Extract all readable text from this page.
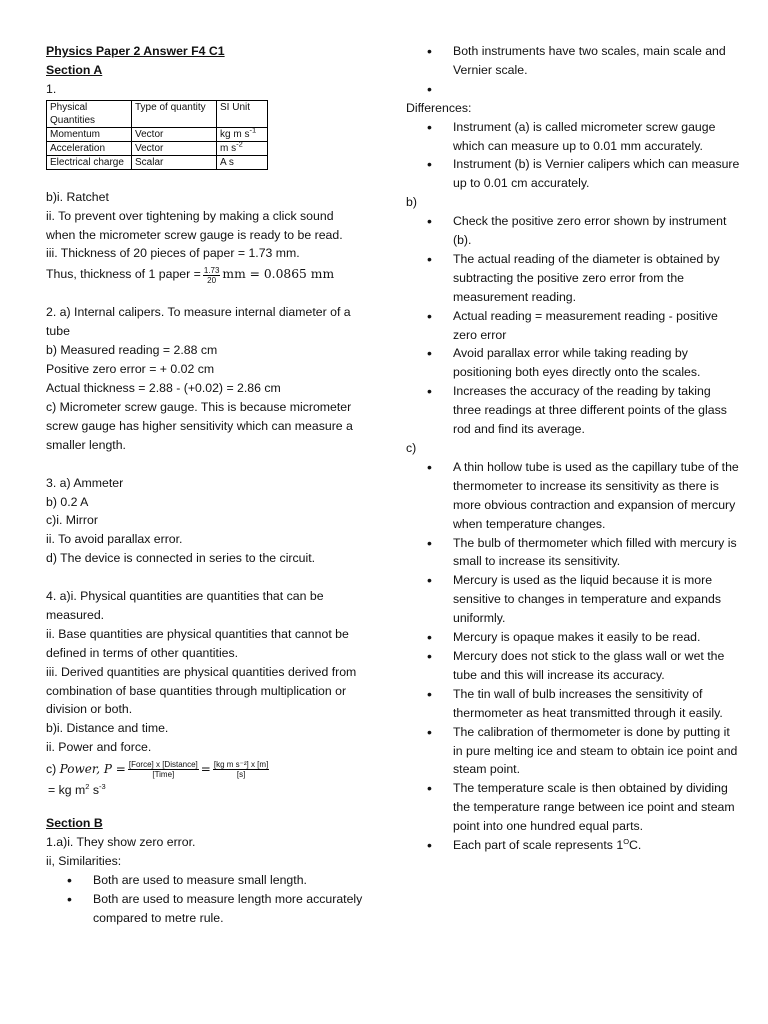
Physics Paper 2 Answer F4 C1

Section A

1.

Physical Quantities	Type of quantity	SI Unit
Momentum	Vector	kg m $s^{-1}$
Acceleration	Vector	m $s^{-2}$
Electrical charge	Scalar	A s

b)i. Ratchet

ii. To prevent over tightening by making a click sound when the micrometer screw gauge is ready to be read.

iii. Thickness of 20 pieces of paper = 1.73 mm.

Thus, thickness of 1 paper = $\frac{1.73}{20}$ mm = 0.0865 mm

2. a) Internal calipers. To measure internal diameter of a tube

b) Measured reading = 2.88 cm

Positive zero error = + 0.02 cm

Actual thickness = 2.88 - (+0.02) = 2.86 cm

c) Micrometer screw gauge. This is because micrometer screw gauge has higher sensitivity which can measure a smaller length.

3. a) Ammeter

b) 0.2 A

c)i. Mirror

ii. To avoid parallax error.

d) The device is connected in series to the circuit.

4. a)i. Physical quantities are quantities that can be measured.

ii. Base quantities are physical quantities that cannot be defined in terms of other quantities.

iii. Derived quantities are physical quantities derived from combination of base quantities through multiplication or division or both.

b)i. Distance and time.

ii. Power and force.

c) Power, $P = \frac{\text{[Force] x [Distance]}}{\text{[Time]}} = \frac{\text{[kg m s⁻²] x [m]}}{[s]}$

= kg $m^2$ $s^{-3}$

Section B

1.a)i. They show zero error.

ii, Similarities:

• Both are used to measure small length.
• Both are used to measure length more accurately compared to metre rule.
• Both instruments have two scales, main scale and Vernier scale.
•

Differences:

• Instrument (a) is called micrometer screw gauge which can measure up to 0.01 mm accurately.
• Instrument (b) is Vernier calipers which can measure up to 0.01 cm accurately.

b)

• Check the positive zero error shown by instrument (b).
• The actual reading of the diameter is obtained by subtracting the positive zero error from the measurement reading.
• Actual reading = measurement reading - positive zero error
• Avoid parallax error while taking reading by positioning both eyes directly onto the scales.
• Increases the accuracy of the reading by taking three readings at three different points of the glass rod and find its average.

c)

• A thin hollow tube is used as the capillary tube of the thermometer to increase its sensitivity as there is more obvious contraction and expansion of mercury when temperature changes.
• The bulb of thermometer which filled with mercury is small to increase its sensitivity.
• Mercury is used as the liquid because it is more sensitive to changes in temperature and expands uniformly.
• Mercury is opaque makes it easily to be read.
• Mercury does not stick to the glass wall or wet the tube and this will increase its accuracy.
• The tin wall of bulb increases the sensitivity of thermometer as heat transmitted through it easily.
• The calibration of thermometer is done by putting it in pure melting ice and steam to obtain ice point and steam point.
• The temperature scale is then obtained by dividing the temperature range between ice point and steam point into one hundred equal parts.
• Each part of scale represents $1^OC$.
